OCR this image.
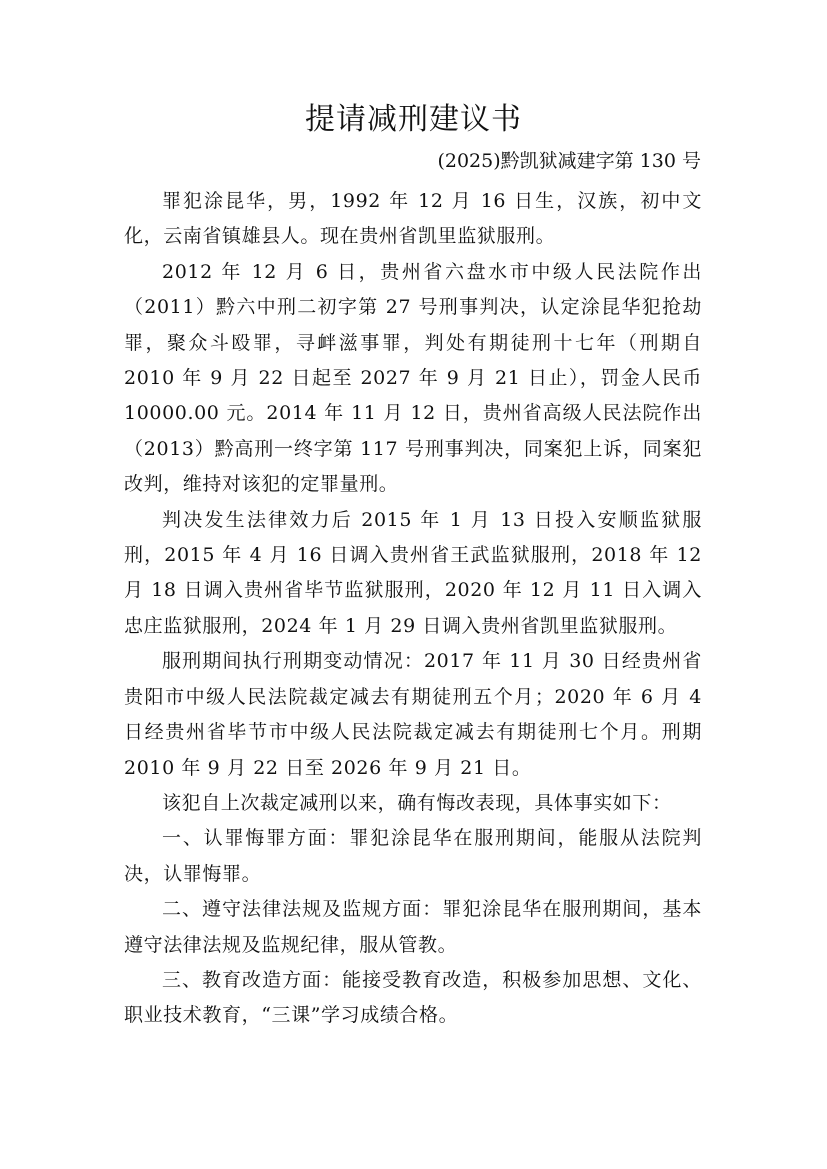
提请减刑建议书
(2025)黔凯狱减建字第 130 号

罪犯涂昆华，男，1992 年 12 月 16 日生，汉族，初中文化，云南省镇雄县人。现在贵州省凯里监狱服刑。

2012 年 12 月 6 日，贵州省六盘水市中级人民法院作出（2011）黔六中刑二初字第 27 号刑事判决，认定涂昆华犯抢劫罪，聚众斗殴罪，寻衅滋事罪，判处有期徒刑十七年（刑期自 2010 年 9 月 22 日起至 2027 年 9 月 21 日止），罚金人民币 10000.00 元。2014 年 11 月 12 日，贵州省高级人民法院作出（2013）黔高刑一终字第 117 号刑事判决，同案犯上诉，同案犯改判，维持对该犯的定罪量刑。

判决发生法律效力后 2015 年 1 月 13 日投入安顺监狱服刑，2015 年 4 月 16 日调入贵州省王武监狱服刑，2018 年 12 月 18 日调入贵州省毕节监狱服刑，2020 年 12 月 11 日入调入忠庄监狱服刑，2024 年 1 月 29 日调入贵州省凯里监狱服刑。

服刑期间执行刑期变动情况：2017 年 11 月 30 日经贵州省贵阳市中级人民法院裁定减去有期徒刑五个月；2020 年 6 月 4 日经贵州省毕节市中级人民法院裁定减去有期徒刑七个月。刑期 2010 年 9 月 22 日至 2026 年 9 月 21 日。

该犯自上次裁定减刑以来，确有悔改表现，具体事实如下：

一、认罪悔罪方面：罪犯涂昆华在服刑期间，能服从法院判决，认罪悔罪。

二、遵守法律法规及监规方面：罪犯涂昆华在服刑期间，基本遵守法律法规及监规纪律，服从管教。

三、教育改造方面：能接受教育改造，积极参加思想、文化、职业技术教育，“三课”学习成绩合格。
